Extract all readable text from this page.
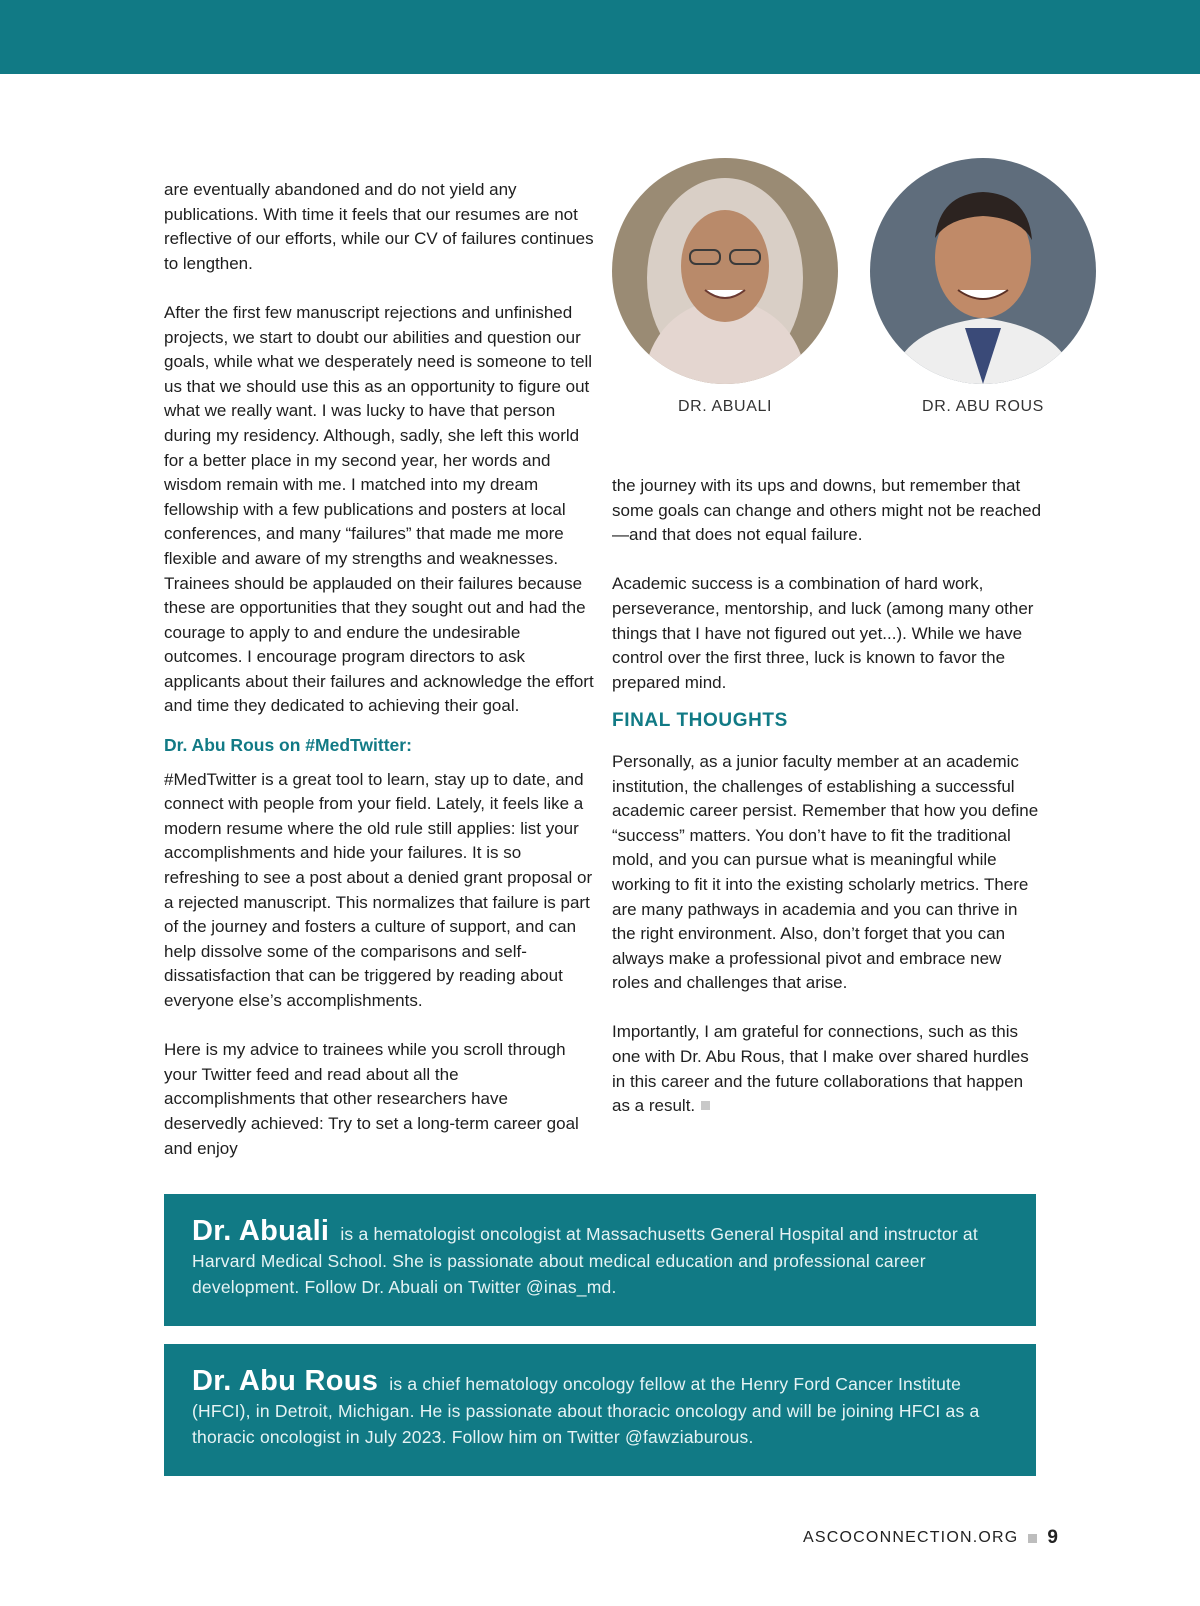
are eventually abandoned and do not yield any publications. With time it feels that our resumes are not reflective of our efforts, while our CV of failures continues to lengthen.

After the first few manuscript rejections and unfinished projects, we start to doubt our abilities and question our goals, while what we desperately need is someone to tell us that we should use this as an opportunity to figure out what we really want. I was lucky to have that person during my residency. Although, sadly, she left this world for a better place in my second year, her words and wisdom remain with me. I matched into my dream fellowship with a few publications and posters at local conferences, and many “failures” that made me more flexible and aware of my strengths and weaknesses. Trainees should be applauded on their failures because these are opportunities that they sought out and had the courage to apply to and endure the undesirable outcomes. I encourage program directors to ask applicants about their failures and acknowledge the effort and time they dedicated to achieving their goal.

Dr. Abu Rous on #MedTwitter:

#MedTwitter is a great tool to learn, stay up to date, and connect with people from your field. Lately, it feels like a modern resume where the old rule still applies: list your accomplishments and hide your failures. It is so refreshing to see a post about a denied grant proposal or a rejected manuscript. This normalizes that failure is part of the journey and fosters a culture of support, and can help dissolve some of the comparisons and self-dissatisfaction that can be triggered by reading about everyone else’s accomplishments.

Here is my advice to trainees while you scroll through your Twitter feed and read about all the accomplishments that other researchers have deservedly achieved: Try to set a long-term career goal and enjoy

DR. ABUALI	DR. ABU ROUS

the journey with its ups and downs, but remember that some goals can change and others might not be reached—and that does not equal failure.

Academic success is a combination of hard work, perseverance, mentorship, and luck (among many other things that I have not figured out yet...). While we have control over the first three, luck is known to favor the prepared mind.

FINAL THOUGHTS

Personally, as a junior faculty member at an academic institution, the challenges of establishing a successful academic career persist. Remember that how you define “success” matters. You don’t have to fit the traditional mold, and you can pursue what is meaningful while working to fit it into the existing scholarly metrics. There are many pathways in academia and you can thrive in the right environment. Also, don’t forget that you can always make a professional pivot and embrace new roles and challenges that arise.

Importantly, I am grateful for connections, such as this one with Dr. Abu Rous, that I make over shared hurdles in this career and the future collaborations that happen as a result.

Dr. Abuali is a hematologist oncologist at Massachusetts General Hospital and instructor at Harvard Medical School. She is passionate about medical education and professional career development. Follow Dr. Abuali on Twitter @inas_md.
Dr. Abu Rous is a chief hematology oncology fellow at the Henry Ford Cancer Institute (HFCI), in Detroit, Michigan. He is passionate about thoracic oncology and will be joining HFCI as a thoracic oncologist in July 2023. Follow him on Twitter @fawziaburous.
ASCOCONNECTION.ORG 9
